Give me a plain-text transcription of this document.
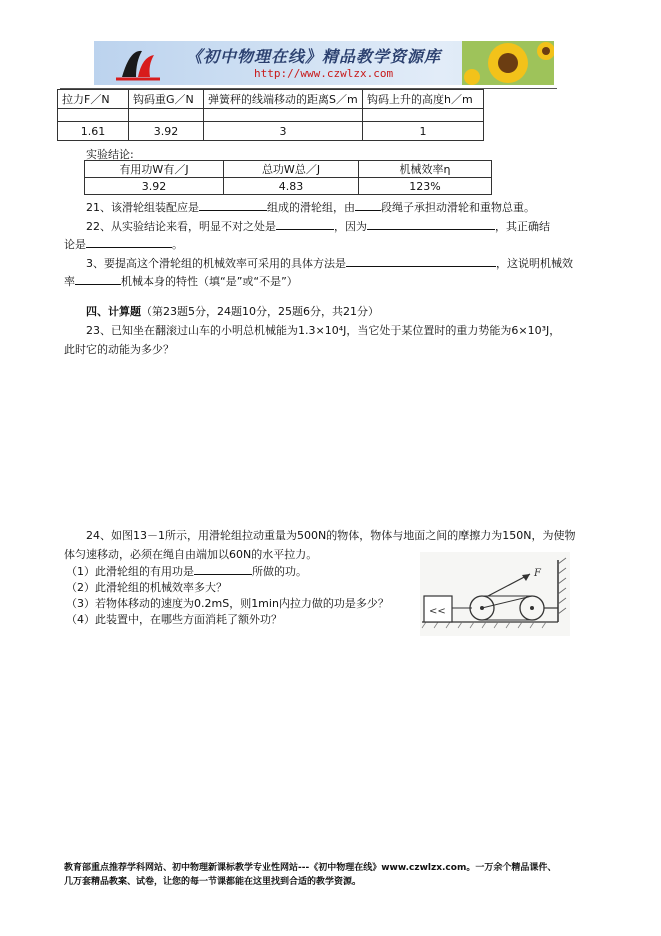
《初中物理在线》精品教学资源库
http://www.czwlzx.com
拉力F／N	钩码重G／N	弹簧秤的线端移动的距离S／m	钩码上升的高度h／m

1.61	3.92	3	1
实验结论:
有用功W有／J	总功W总／J	机械效率η
3.92	4.83	123%
21、该滑轮组装配应是	组成的滑轮组，由 段绳子承担动滑轮和重物总重。
22、从实验结论来看，明显不对之处是	，因为	，其正确结
论是	。
3、要提高这个滑轮组的机械效率可采用的具体方法是	，这说明机械效
率	机械本身的特性（填“是”或“不是”）
四、计算题（第23题5分，24题10分，25题6分，共21分）
23、已知坐在翻滚过山车的小明总机械能为1.3×10⁴J，当它处于某位置时的重力势能为6×10³J，
此时它的动能为多少？
24、如图13－1所示，用滑轮组拉动重量为500N的物体，物体与地面之间的摩擦力为150N，为使物
体匀速移动，必须在绳自由端加以60N的水平拉力。
（1）此滑轮组的有用功是	所做的功。
（2）此滑轮组的机械效率多大？
（3）若物体移动的速度为0.2mS，则1min内拉力做的功是多少？
（4）此装置中，在哪些方面消耗了额外功？
<<
F
教育部重点推荐学科网站、初中物理新课标教学专业性网站---《初中物理在线》www.czwlzx.com。一万余个精品课件、
几万套精品教案、试卷，让您的每一节课都能在这里找到合适的教学资源。
